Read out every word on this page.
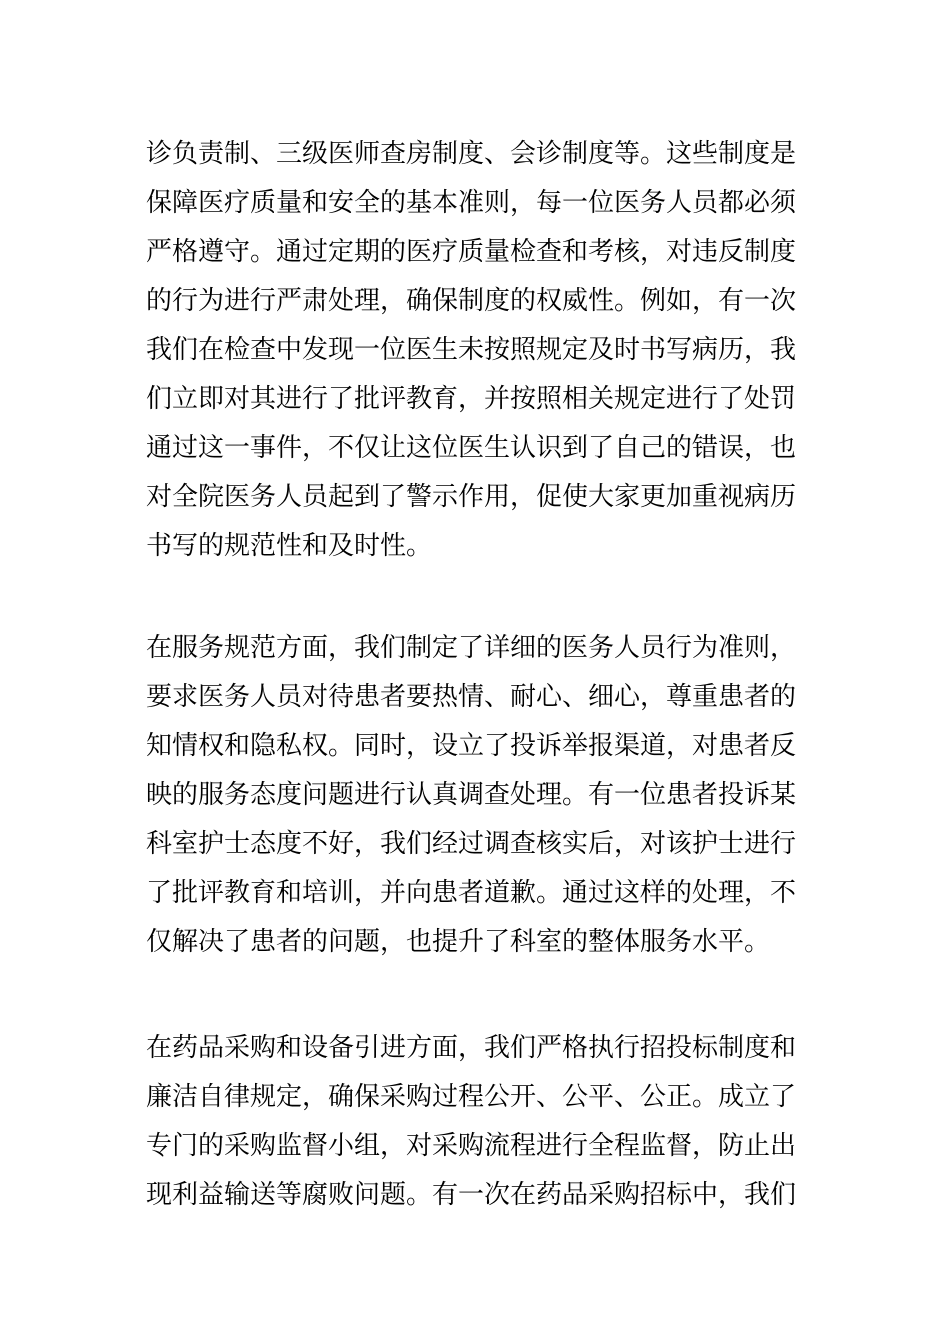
诊负责制、三级医师查房制度、会诊制度等。这些制度是
保障医疗质量和安全的基本准则，每一位医务人员都必须
严格遵守。通过定期的医疗质量检查和考核，对违反制度
的行为进行严肃处理，确保制度的权威性。例如，有一次
我们在检查中发现一位医生未按照规定及时书写病历，我
们立即对其进行了批评教育，并按照相关规定进行了处罚
通过这一事件，不仅让这位医生认识到了自己的错误，也
对全院医务人员起到了警示作用，促使大家更加重视病历
书写的规范性和及时性。
在服务规范方面，我们制定了详细的医务人员行为准则，
要求医务人员对待患者要热情、耐心、细心，尊重患者的
知情权和隐私权。同时，设立了投诉举报渠道，对患者反
映的服务态度问题进行认真调查处理。有一位患者投诉某
科室护士态度不好，我们经过调查核实后，对该护士进行
了批评教育和培训，并向患者道歉。通过这样的处理，不
仅解决了患者的问题，也提升了科室的整体服务水平。
在药品采购和设备引进方面，我们严格执行招投标制度和
廉洁自律规定，确保采购过程公开、公平、公正。成立了
专门的采购监督小组，对采购流程进行全程监督，防止出
现利益输送等腐败问题。有一次在药品采购招标中，我们
